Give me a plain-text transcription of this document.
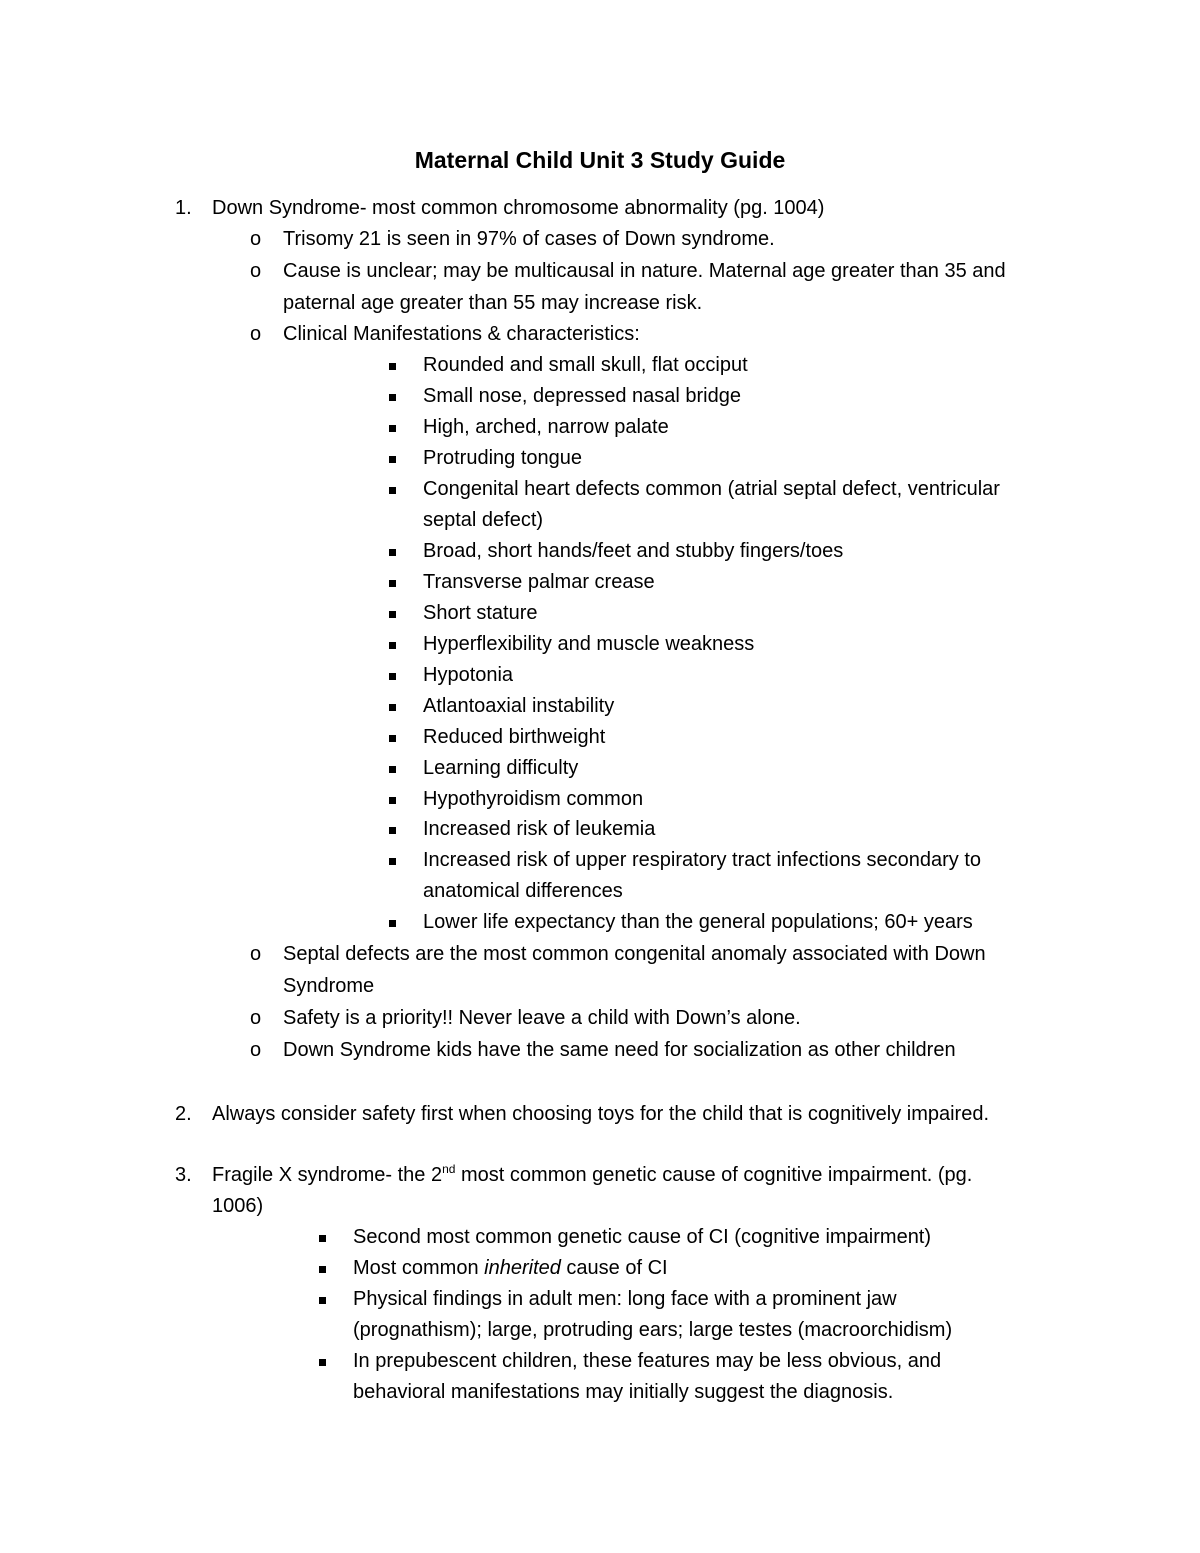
Maternal Child Unit 3 Study Guide
1. Down Syndrome- most common chromosome abnormality (pg. 1004)
o Trisomy 21 is seen in 97% of cases of Down syndrome.
o Cause is unclear; may be multicausal in nature. Maternal age greater than 35 and
paternal age greater than 55 may increase risk.
o Clinical Manifestations & characteristics:
Rounded and small skull, flat occiput
Small nose, depressed nasal bridge
High, arched, narrow palate
Protruding tongue
Congenital heart defects common (atrial septal defect, ventricular
septal defect)
Broad, short hands/feet and stubby fingers/toes
Transverse palmar crease
Short stature
Hyperflexibility and muscle weakness
Hypotonia
Atlantoaxial instability
Reduced birthweight
Learning difficulty
Hypothyroidism common
Increased risk of leukemia
Increased risk of upper respiratory tract infections secondary to
anatomical differences
Lower life expectancy than the general populations; 60+ years
o Septal defects are the most common congenital anomaly associated with Down
Syndrome
o Safety is a priority!! Never leave a child with Down’s alone.
o Down Syndrome kids have the same need for socialization as other children
2. Always consider safety first when choosing toys for the child that is cognitively impaired.
3. Fragile X syndrome- the 2nd most common genetic cause of cognitive impairment. (pg.
1006)
Second most common genetic cause of CI (cognitive impairment)
Most common inherited cause of CI
Physical findings in adult men: long face with a prominent jaw
(prognathism); large, protruding ears; large testes (macroorchidism)
In prepubescent children, these features may be less obvious, and
behavioral manifestations may initially suggest the diagnosis.
